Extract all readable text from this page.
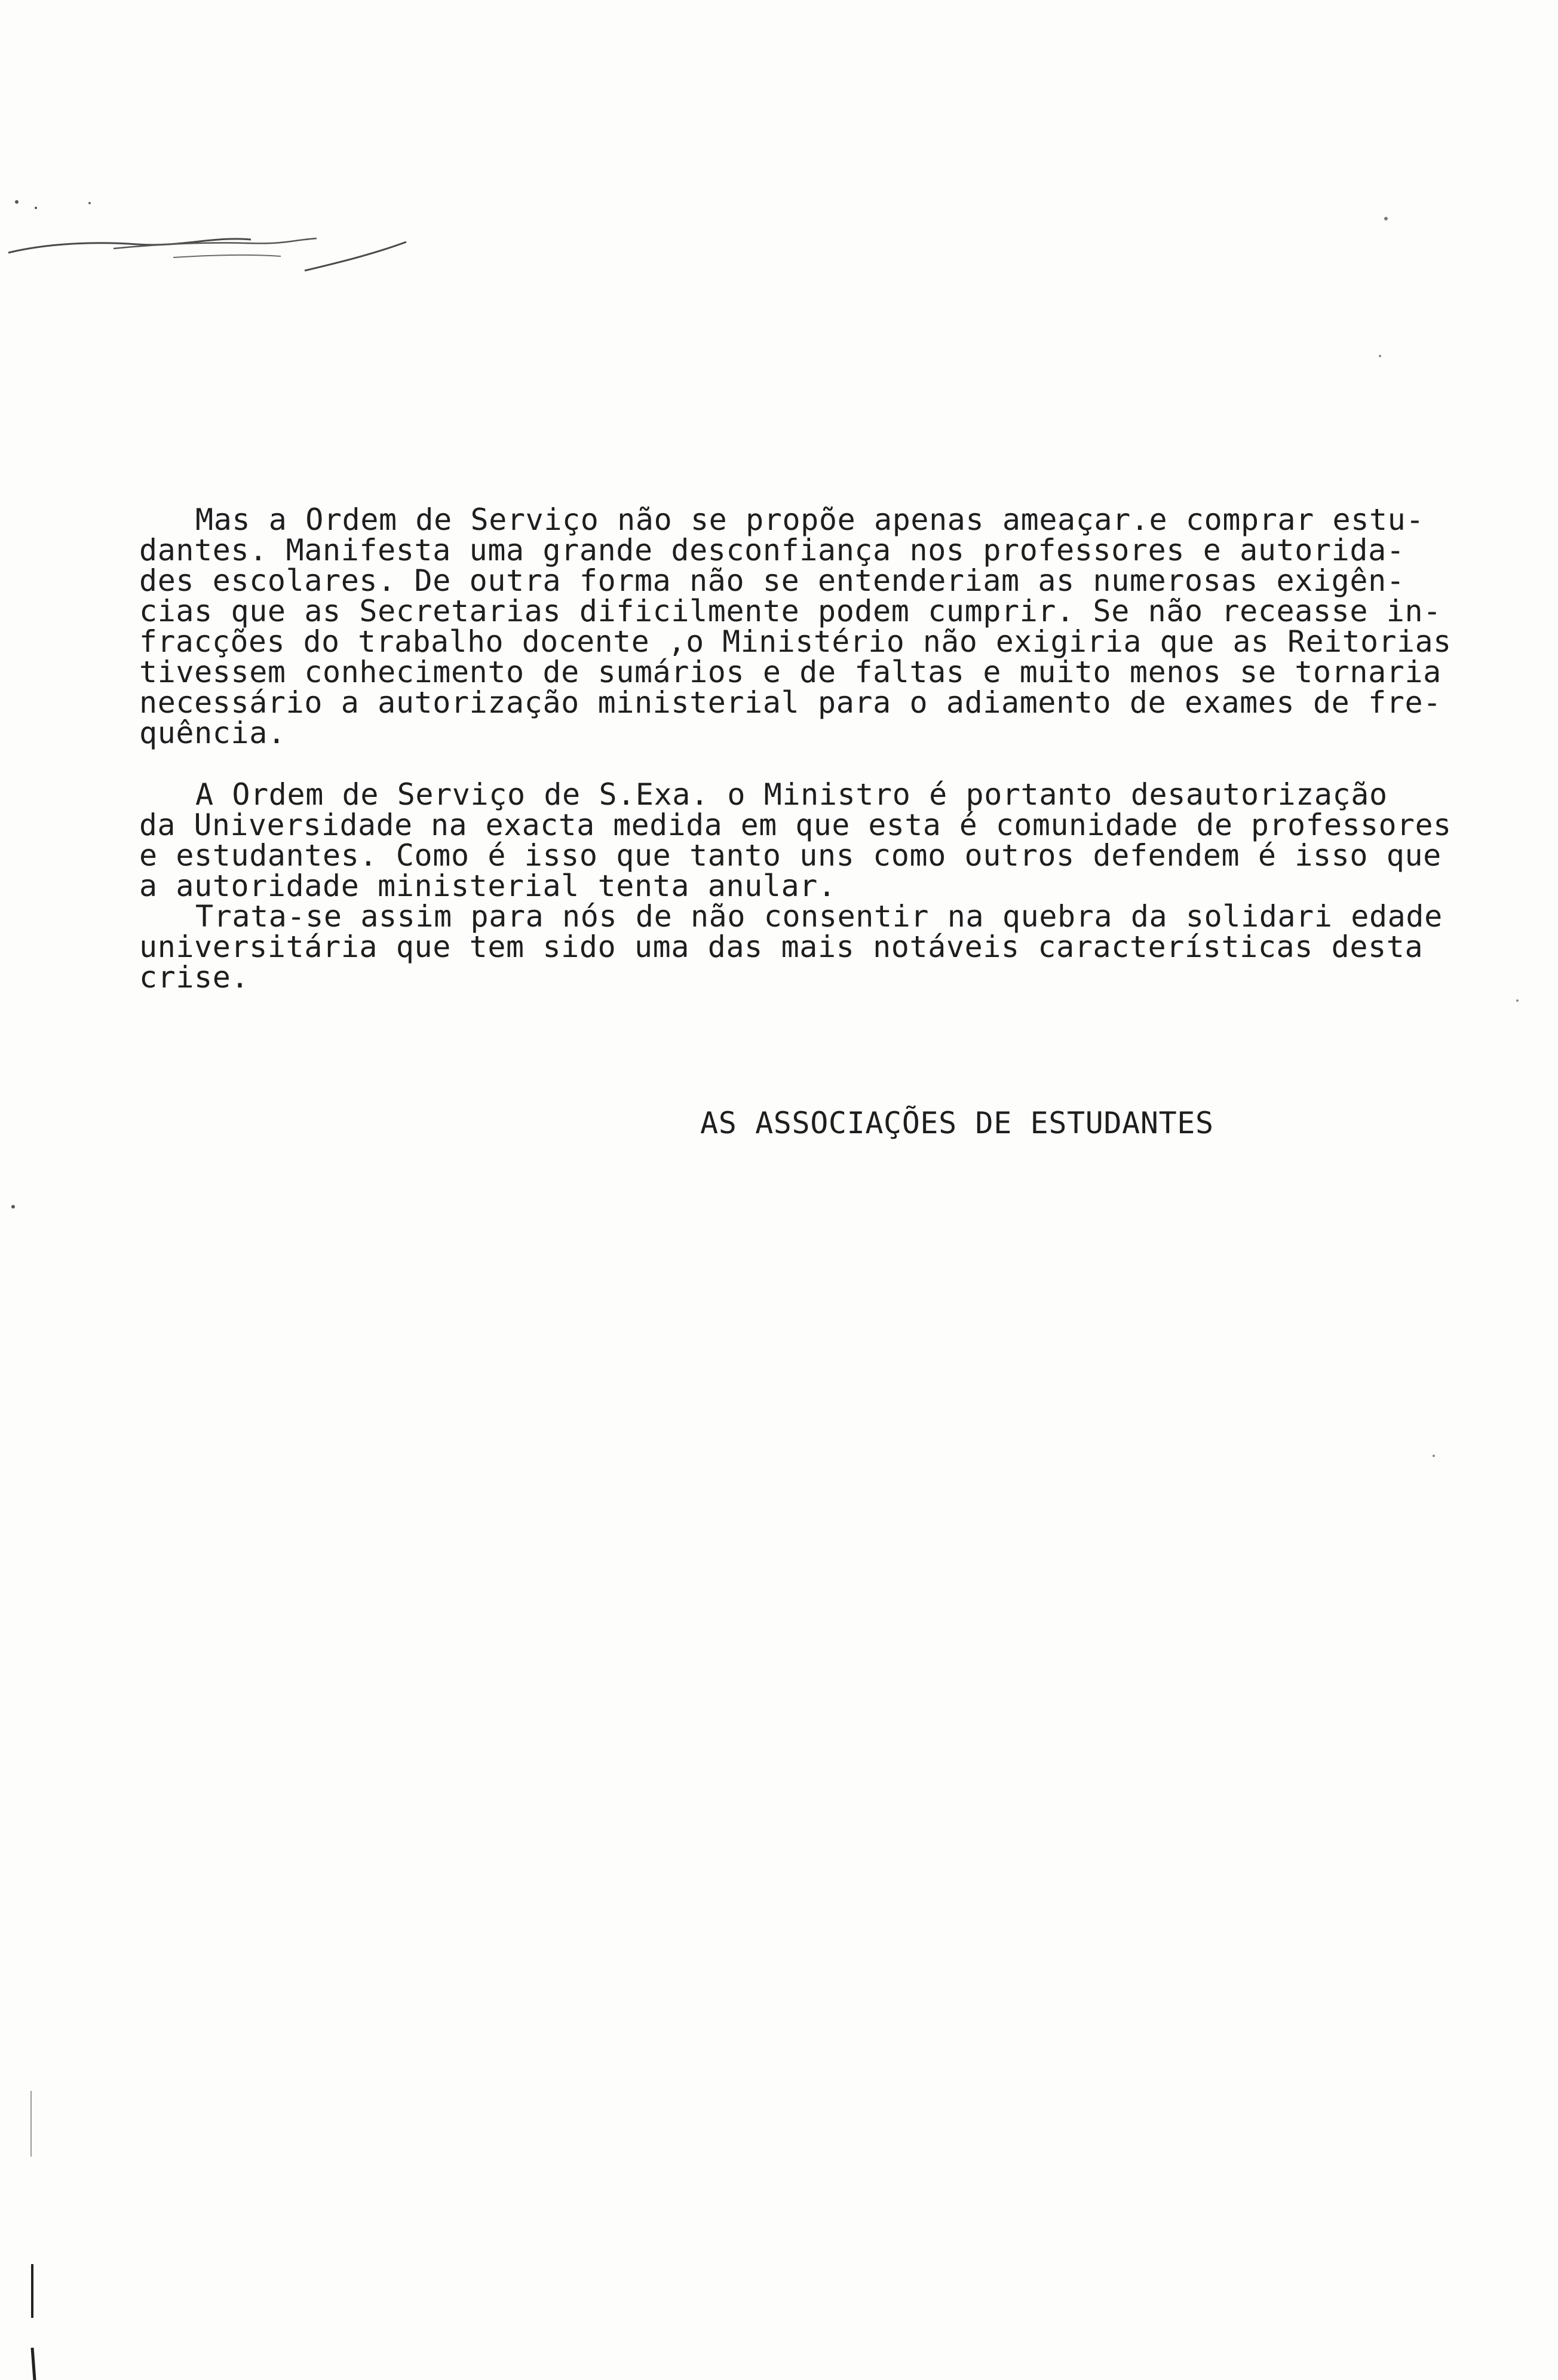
Mas a Ordem de Serviço não se propõe apenas ameaçar.e comprar estu-

dantes. Manifesta uma grande desconfiança nos professores e autorida-

des escolares. De outra forma não se entenderiam as numerosas exigên-

cias que as Secretarias dificilmente podem cumprir. Se não receasse in-

fracções do trabalho docente ,o Ministério não exigiria que as Reitorias

tivessem conhecimento de sumários e de faltas e muito menos se tornaria

necessário a autorização ministerial para o adiamento de exames de fre-

quência.

A Ordem de Serviço de S.Exa. o Ministro é portanto desautorização

da Universidade na exacta medida em que esta é comunidade de professores

e estudantes. Como é isso que tanto uns como outros defendem é isso que

a autoridade ministerial tenta anular.

Trata-se assim para nós de não consentir na quebra da solidari edade

universitária que tem sido uma das mais notáveis características desta

crise.

AS ASSOCIAÇÕES DE ESTUDANTES
